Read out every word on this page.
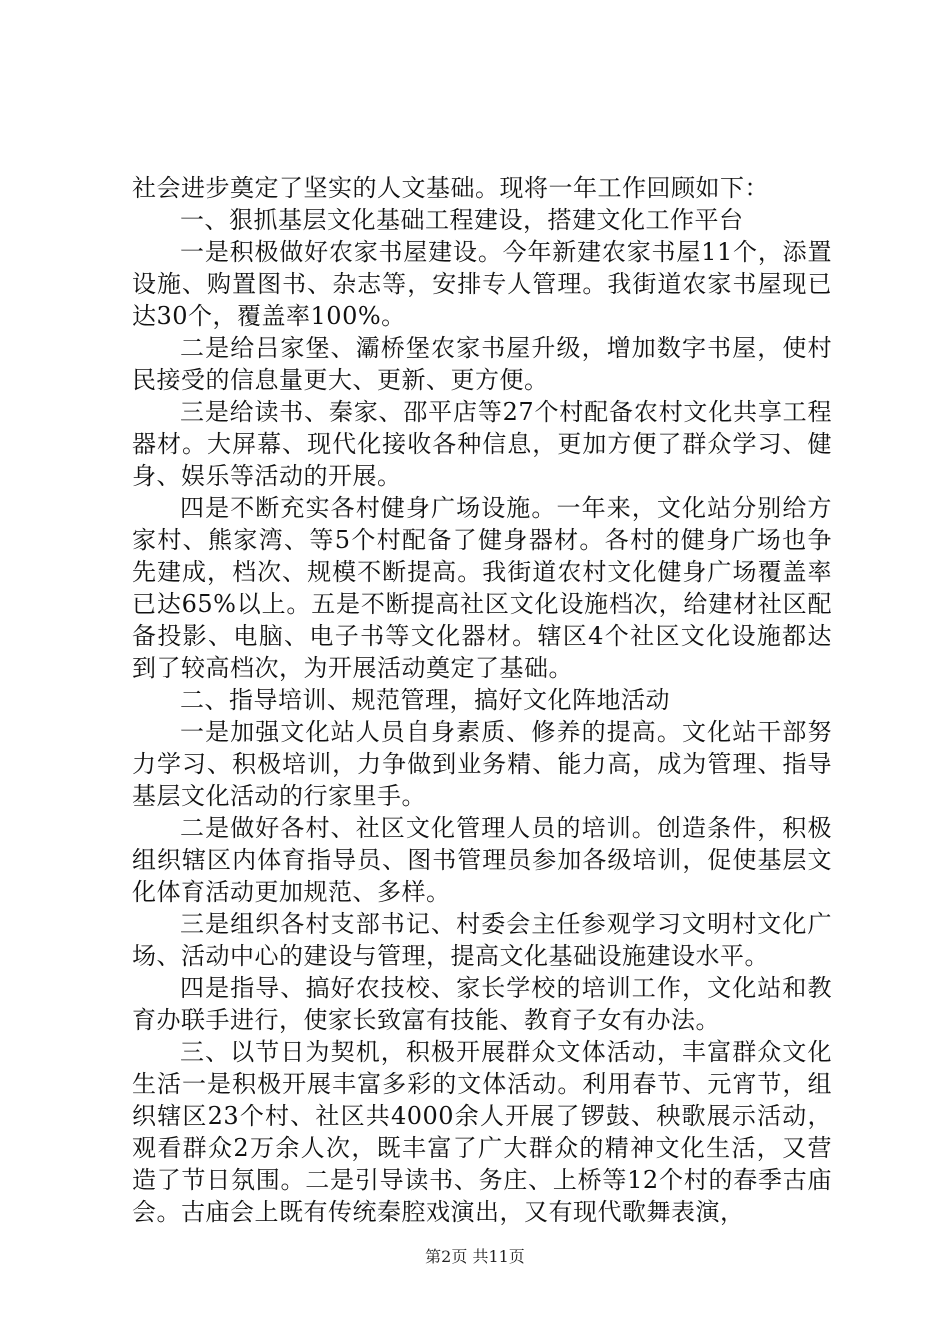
社会进步奠定了坚实的人文基础。现将一年工作回顾如下：

一、狠抓基层文化基础工程建设，搭建文化工作平台

一是积极做好农家书屋建设。今年新建农家书屋11个，添置设施、购置图书、杂志等，安排专人管理。我街道农家书屋现已达30个，覆盖率100%。

二是给吕家堡、灞桥堡农家书屋升级，增加数字书屋，使村民接受的信息量更大、更新、更方便。

三是给读书、秦家、邵平店等27个村配备农村文化共享工程器材。大屏幕、现代化接收各种信息，更加方便了群众学习、健身、娱乐等活动的开展。

四是不断充实各村健身广场设施。一年来，文化站分别给方家村、熊家湾、等5个村配备了健身器材。各村的健身广场也争先建成，档次、规模不断提高。我街道农村文化健身广场覆盖率已达65%以上。五是不断提高社区文化设施档次，给建材社区配备投影、电脑、电子书等文化器材。辖区4个社区文化设施都达到了较高档次，为开展活动奠定了基础。

二、指导培训、规范管理，搞好文化阵地活动

一是加强文化站人员自身素质、修养的提高。文化站干部努力学习、积极培训，力争做到业务精、能力高，成为管理、指导基层文化活动的行家里手。

二是做好各村、社区文化管理人员的培训。创造条件，积极组织辖区内体育指导员、图书管理员参加各级培训，促使基层文化体育活动更加规范、多样。

三是组织各村支部书记、村委会主任参观学习文明村文化广场、活动中心的建设与管理，提高文化基础设施建设水平。

四是指导、搞好农技校、家长学校的培训工作，文化站和教育办联手进行，使家长致富有技能、教育子女有办法。

三、以节日为契机，积极开展群众文体活动，丰富群众文化生活一是积极开展丰富多彩的文体活动。利用春节、元宵节，组织辖区23个村、社区共4000余人开展了锣鼓、秧歌展示活动，观看群众2万余人次，既丰富了广大群众的精神文化生活，又营造了节日氛围。二是引导读书、务庄、上桥等12个村的春季古庙会。古庙会上既有传统秦腔戏演出，又有现代歌舞表演，

第2页 共11页
